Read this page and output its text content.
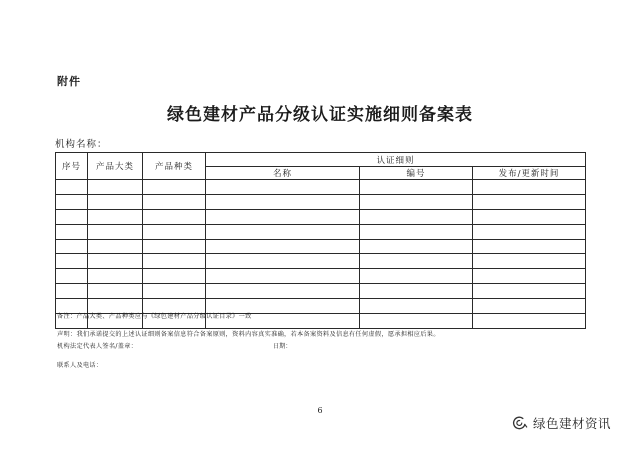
附件
绿色建材产品分级认证实施细则备案表
机构名称：
序号	产品大类	产品种类	认证细则		
			名称	编号	发布/更新时间

备注：产品大类、产品种类应与《绿色建材产品分级认证目录》一致
声明：我们承诺提交的上述认证细则备案信息符合备案原则，资料内容真实准确，若本备案资料及信息有任何虚假，愿承担相应后果。
机构法定代表人签名/盖章：	日期：
联系人及电话：
6
绿色建材资讯
